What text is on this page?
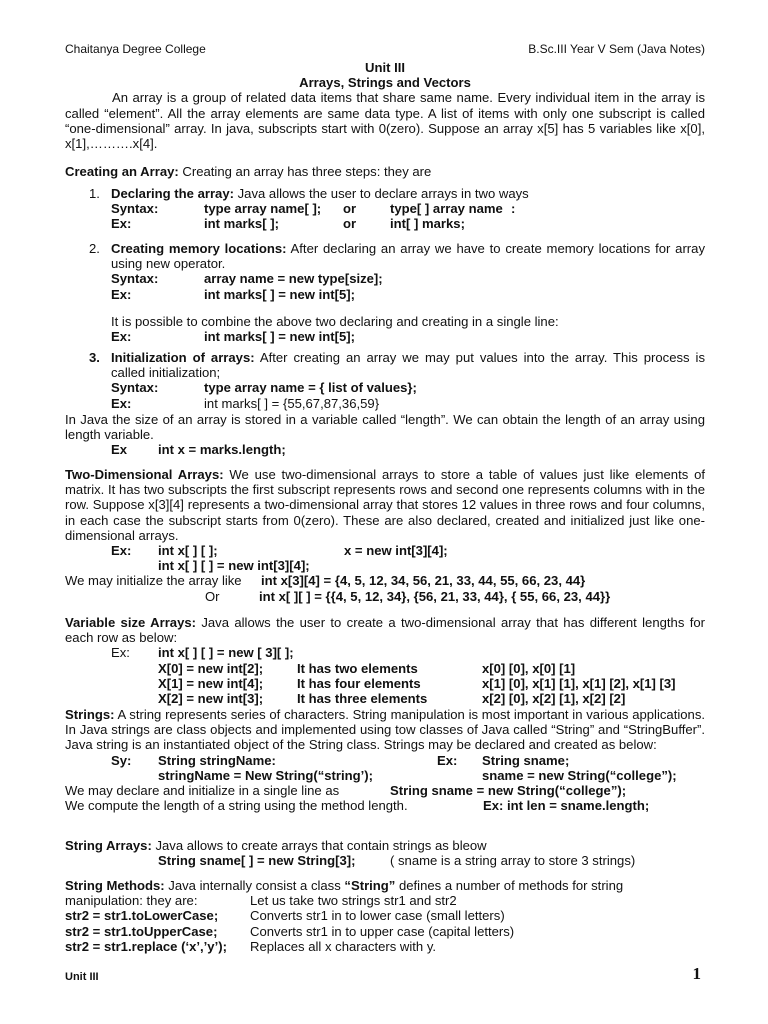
Chaitanya Degree College	B.Sc.III Year V Sem (Java Notes)
Unit III
Arrays, Strings and Vectors

An array is a group of related data items that share same name. Every individual item in the array is called “element”. All the array elements are same data type. A list of items with only one subscript is called “one-dimensional” array. In java, subscripts start with 0(zero). Suppose an array x[5] has 5 variables like x[0], x[1],……….x[4].

Creating an Array: Creating an array has three steps: they are

1. Declaring the array: Java allows the user to declare arrays in two ways
Syntax:	type array name[ ]; or	type[ ] array name :
Ex:	int marks[ ];	or	int[ ] marks;
2. Creating memory locations: After declaring an array we have to create memory locations for array using new operator.

Syntax:	array name = new type[size];
Ex:	int marks[ ] = new int[5];
It is possible to combine the above two declaring and creating in a single line:
Ex:	int marks[ ] = new int[5];
3. Initialization of arrays: After creating an array we may put values into the array. This process is called initialization;

Syntax:	type array name = { list of values};
Ex:	int marks[ ] = {55,67,87,36,59}

In Java the size of an array is stored in a variable called “length”. We can obtain the length of an array using length variable.

Ex int x = marks.length;

Two-Dimensional Arrays: We use two-dimensional arrays to store a table of values just like elements of matrix. It has two subscripts the first subscript represents rows and second one represents columns with in the row. Suppose x[3][4] represents a two-dimensional array that stores 12 values in three rows and four columns, in each case the subscript starts from 0(zero). These are also declared, created and initialized just like one-dimensional arrays.

Ex: int x[ ] [ ];	x = new int[3][4];
int x[ ] [ ] = new int[3][4];
We may initialize the array like int x[3][4] = {4, 5, 12, 34, 56, 21, 33, 44, 55, 66, 23, 44}
Or	int x[ ][ ] = {{4, 5, 12, 34}, {56, 21, 33, 44}, { 55, 66, 23, 44}}

Variable size Arrays: Java allows the user to create a two-dimensional array that has different lengths for each row as below:

Ex: int x[ ] [ ] = new [ 3][ ];
X[0] = new int[2];	It has two elements	x[0] [0], x[0] [1]
X[1] = new int[4];	It has four elements	x[1] [0], x[1] [1], x[1] [2], x[1] [3]
X[2] = new int[3];	It has three elements	x[2] [0], x[2] [1], x[2] [2]

Strings: A string represents series of characters. String manipulation is most important in various applications. In Java strings are class objects and implemented using tow classes of Java called “String” and “StringBuffer”. Java string is an instantiated object of the String class. Strings may be declared and created as below:

Sy: String stringName:	Ex: String sname;
stringName = New String(“string’);	sname = new String(“college”);
We may declare and initialize in a single line as	String sname = new String(“college”);
We compute the length of a string using the method length.	Ex: int len = sname.length;
String Arrays: Java allows to create arrays that contain strings as bleow
String sname[ ] = new String[3];	( sname is a string array to store 3 strings)
String Methods: Java internally consist a class “String” defines a number of methods for string
manipulation: they are:	Let us take two strings str1 and str2
str2 = str1.toLowerCase; Converts str1 in to lower case (small letters)
str2 = str1.toUpperCase; Converts str1 in to upper case (capital letters)
str2 = str1.replace (‘x’,’y’); Replaces all x characters with y.
Unit III	1
